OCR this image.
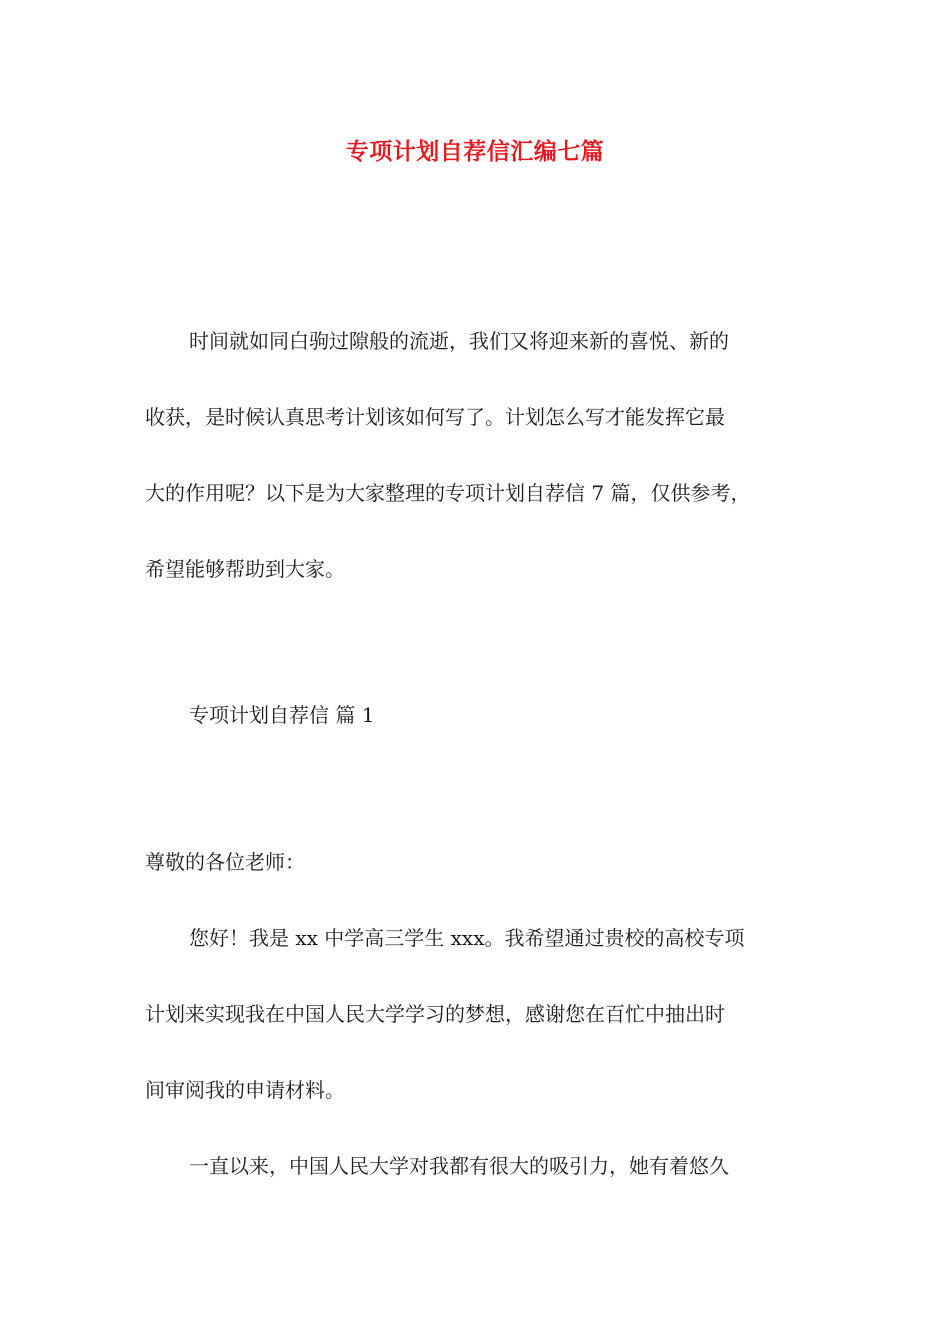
专项计划自荐信汇编七篇
时间就如同白驹过隙般的流逝，我们又将迎来新的喜悦、新的
收获，是时候认真思考计划该如何写了。计划怎么写才能发挥它最
大的作用呢？以下是为大家整理的专项计划自荐信 7 篇，仅供参考，
希望能够帮助到大家。
专项计划自荐信 篇 1
尊敬的各位老师：
您好！我是 xx 中学高三学生 xxx。我希望通过贵校的高校专项
计划来实现我在中国人民大学学习的梦想，感谢您在百忙中抽出时
间审阅我的申请材料。
一直以来，中国人民大学对我都有很大的吸引力，她有着悠久
